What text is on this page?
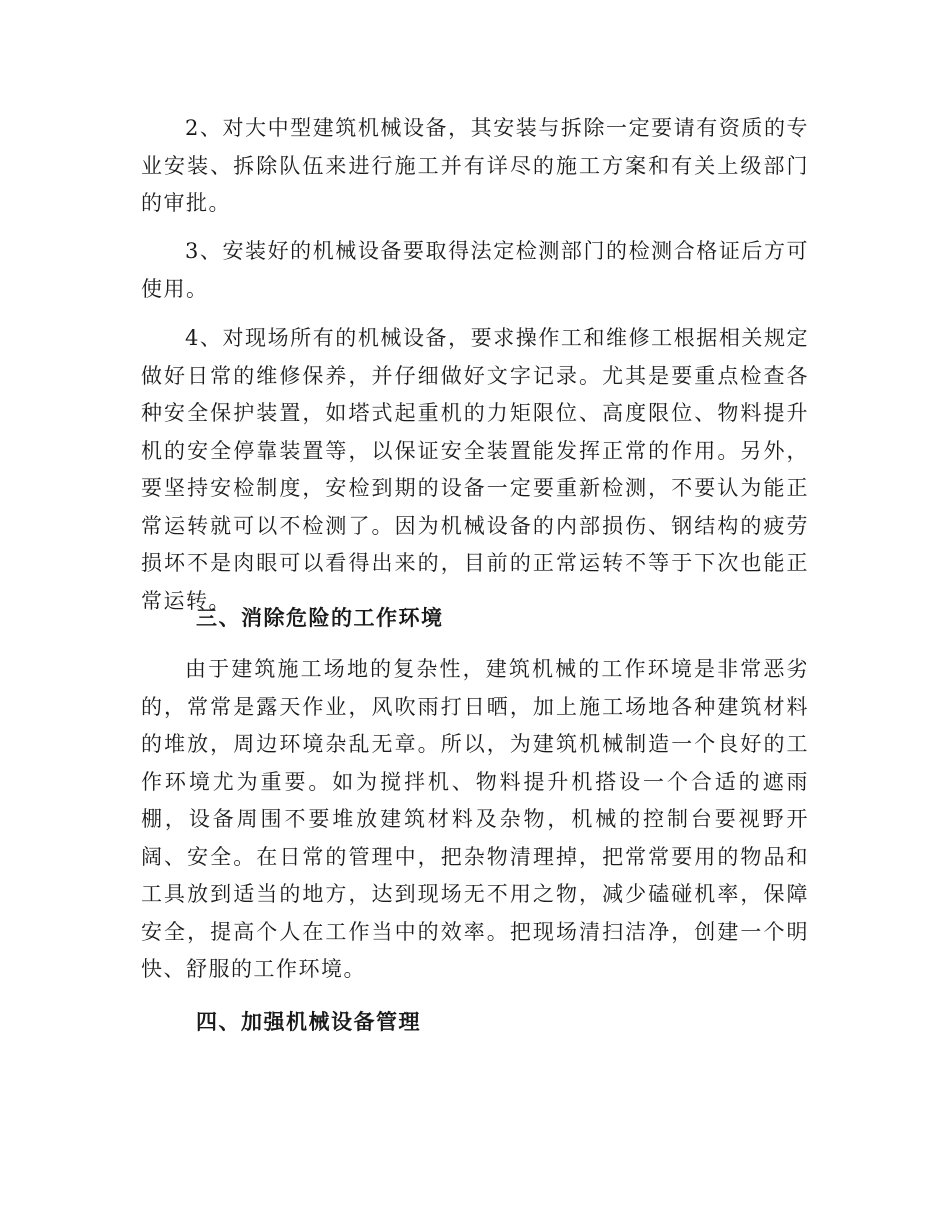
2、对大中型建筑机械设备，其安装与拆除一定要请有资质的专业安装、拆除队伍来进行施工并有详尽的施工方案和有关上级部门的审批。

3、安装好的机械设备要取得法定检测部门的检测合格证后方可使用。

4、对现场所有的机械设备，要求操作工和维修工根据相关规定做好日常的维修保养，并仔细做好文字记录。尤其是要重点检查各种安全保护装置，如塔式起重机的力矩限位、高度限位、物料提升机的安全停靠装置等，以保证安全装置能发挥正常的作用。另外，要坚持安检制度，安检到期的设备一定要重新检测，不要认为能正常运转就可以不检测了。因为机械设备的内部损伤、钢结构的疲劳损坏不是肉眼可以看得出来的，目前的正常运转不等于下次也能正常运转。

三、消除危险的工作环境

由于建筑施工场地的复杂性，建筑机械的工作环境是非常恶劣的，常常是露天作业，风吹雨打日晒，加上施工场地各种建筑材料的堆放，周边环境杂乱无章。所以，为建筑机械制造一个良好的工作环境尤为重要。如为搅拌机、物料提升机搭设一个合适的遮雨棚，设备周围不要堆放建筑材料及杂物，机械的控制台要视野开阔、安全。在日常的管理中，把杂物清理掉，把常常要用的物品和工具放到适当的地方，达到现场无不用之物，减少磕碰机率，保障安全，提高个人在工作当中的效率。把现场清扫洁净，创建一个明快、舒服的工作环境。

四、加强机械设备管理
